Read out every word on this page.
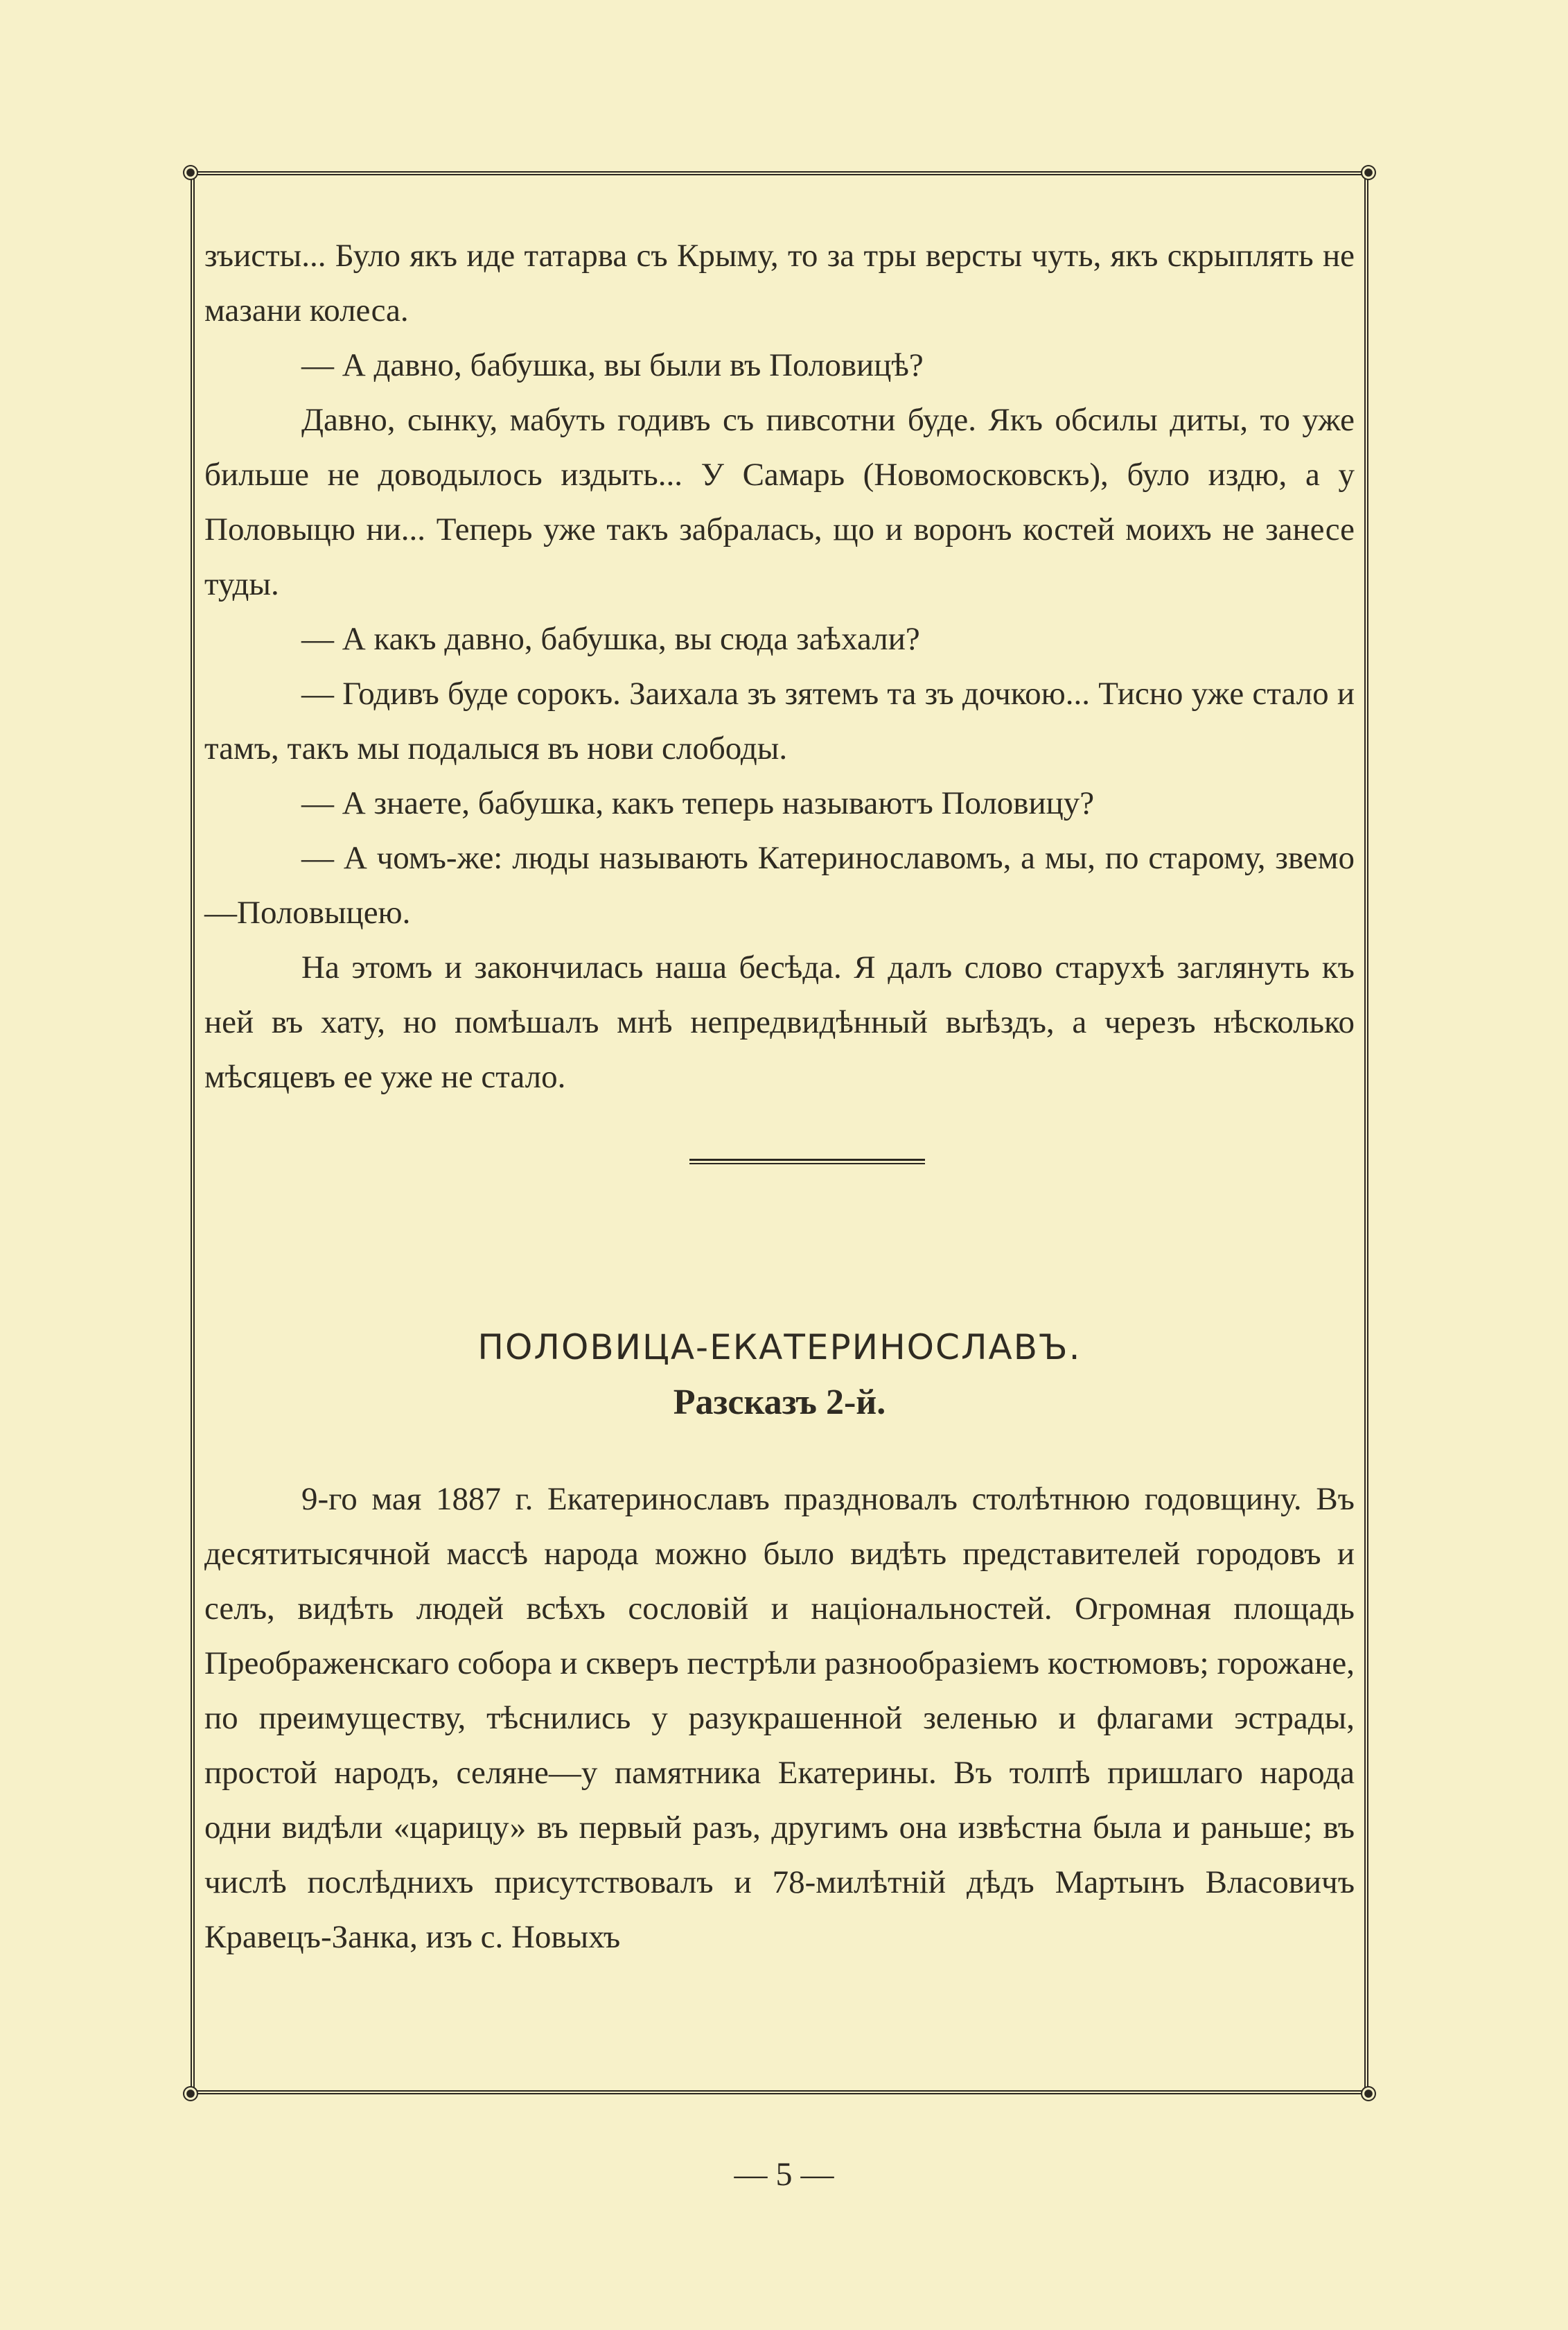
зъисты... Було якъ иде татарва съ Крыму, то за тры версты чуть, якъ скрыплять не мазани колеса.

— А давно, бабушка, вы были въ Половицѣ?

Давно, сынку, мабуть годивъ съ пивсотни буде. Якъ обсилы диты, то уже бильше не доводылось издыть... У Самарь (Новомосковскъ), було издю, а у Половыцю ни... Теперь уже такъ забралась, що и воронъ костей моихъ не занесе туды.

— А какъ давно, бабушка, вы сюда заѣхали?

— Годивъ буде сорокъ. Заихала зъ зятемъ та зъ дочкою... Тисно уже стало и тамъ, такъ мы подалыся въ нови слободы.

— А знаете, бабушка, какъ теперь называютъ Половицу?

— А чомъ-же: люды называють Катеринославомъ, а мы, по старому, звемо—Половыцею.

На этомъ и закончилась наша бесѣда. Я далъ слово старухѣ заглянуть къ ней въ хату, но помѣшалъ мнѣ непредвидѣнный выѣздъ, а черезъ нѣсколько мѣсяцевъ ее уже не стало.

ПОЛОВИЦА-ЕКАТЕРИНОСЛАВЪ.
Разсказъ 2-й.

9-го мая 1887 г. Екатеринославъ праздновалъ столѣтнюю годовщину. Въ десятитысячной массѣ народа можно было видѣть представителей городовъ и селъ, видѣть людей всѣхъ сословій и національностей. Огромная площадь Преображенскаго собора и скверъ пестрѣли разнообразіемъ костюмовъ; горожане, по преимуществу, тѣснились у разукрашенной зеленью и флагами эстрады, простой народъ, селяне—у памятника Екатерины. Въ толпѣ пришлаго народа одни видѣли «царицу» въ первый разъ, другимъ она извѣстна была и раньше; въ числѣ послѣднихъ присутствовалъ и 78-милѣтній дѣдъ Мартынъ Власовичъ Кравецъ-Занка, изъ с. Новыхъ

— 5 —
